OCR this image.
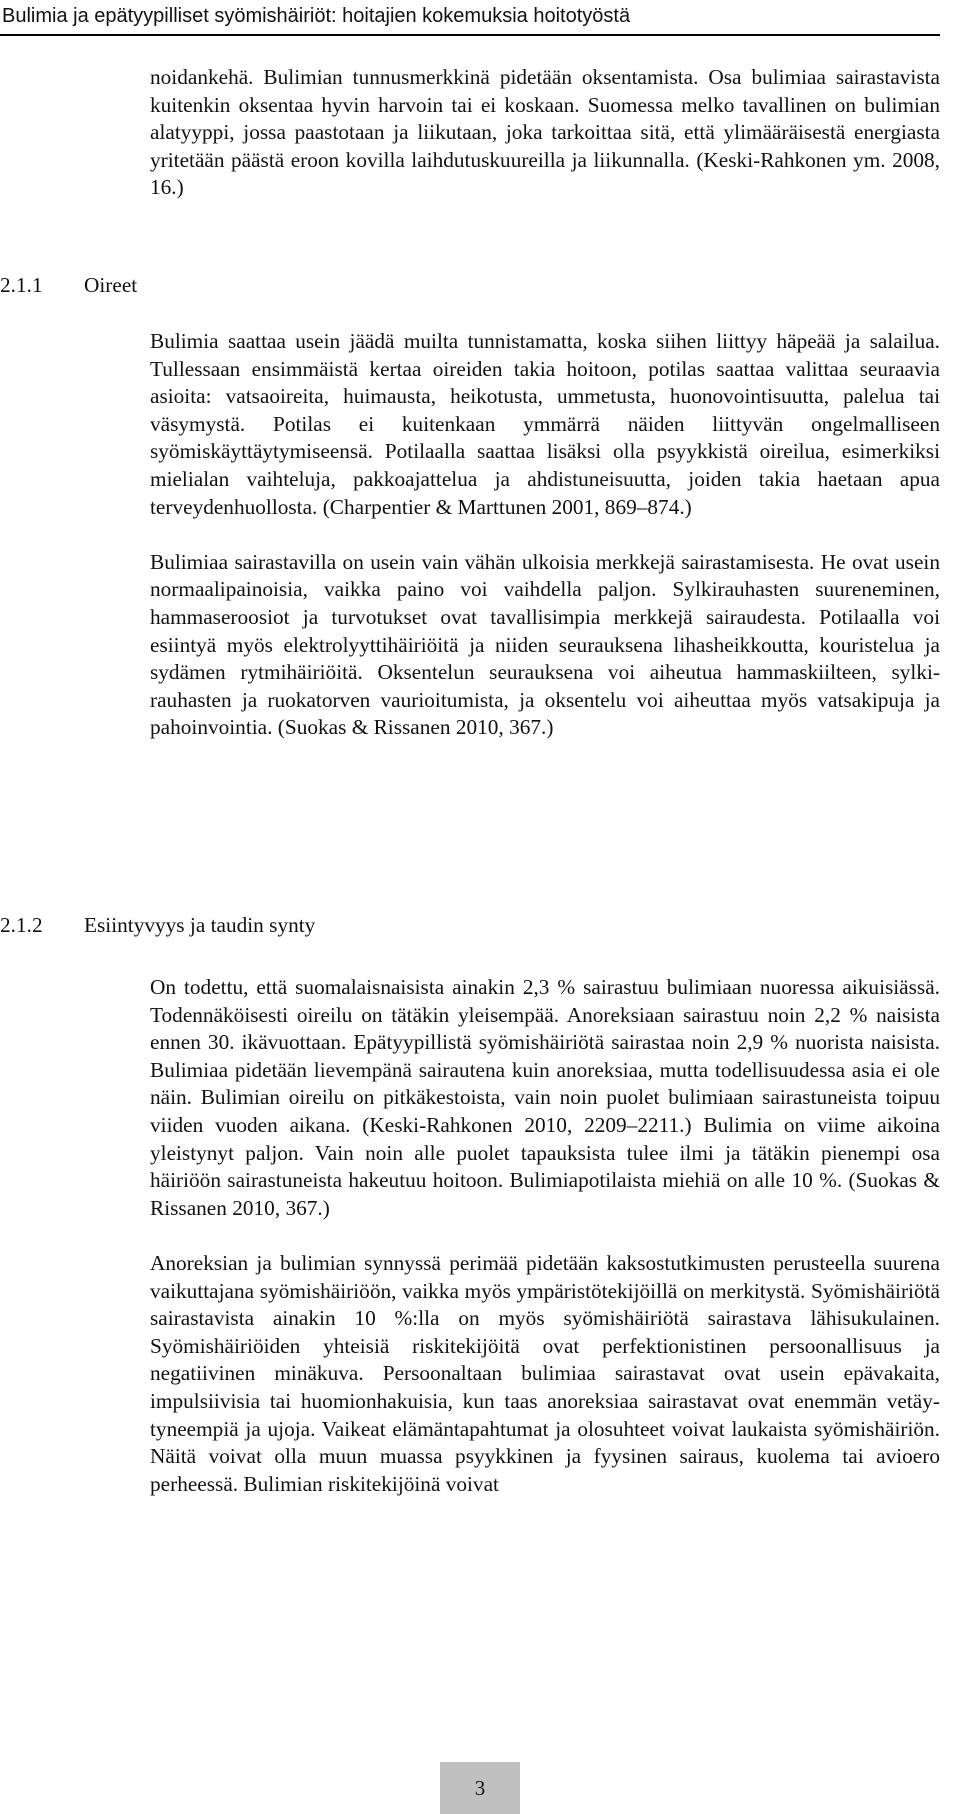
Bulimia ja epätyypilliset syömishäiriöt: hoitajien kokemuksia hoitotyöstä

noidankehä. Bulimian tunnusmerkkinä pidetään oksentamista. Osa bulimiaa sairastavista kuitenkin oksentaa hyvin harvoin tai ei koskaan. Suomessa melko tavallinen on bulimian alatyyppi, jossa paastotaan ja liikutaan, joka tarkoittaa sitä, että ylimääräisestä energiasta yritetään päästä eroon kovilla laihdutuskuureilla ja liikunnalla. (Keski-Rahkonen ym. 2008, 16.)

2.1.1 Oireet

Bulimia saattaa usein jäädä muilta tunnistamatta, koska siihen liittyy häpeää ja salailua. Tullessaan ensimmäistä kertaa oireiden takia hoitoon, potilas saattaa valittaa seuraavia asioita: vatsaoireita, huimausta, heikotusta, ummetusta, huonovointisuutta, palelua tai väsymystä. Potilas ei kuitenkaan ymmärrä näiden liittyvän ongelmalliseen syömiskäyttäytymiseensä. Potilaalla saattaa lisäksi olla psyykkistä oireilua, esimerkiksi mielialan vaihteluja, pakkoajattelua ja ahdistuneisuutta, joiden takia haetaan apua terveydenhuollosta. (Charpentier & Marttunen 2001, 869–874.)

Bulimiaa sairastavilla on usein vain vähän ulkoisia merkkejä sairastamisesta. He ovat usein normaalipainoisia, vaikka paino voi vaihdella paljon. Sylkirauhasten suureneminen, hammaseroosiot ja turvotukset ovat tavallisimpia merkkejä sairaudesta. Potilaalla voi esiintyä myös elektrolyyttihäiriöitä ja niiden seurauksena lihasheikkoutta, kouristelua ja sydämen rytmihäiriöitä. Oksentelun seurauksena voi aiheutua hammaskiilteen, sylkirauhasten ja ruokatorven vaurioitumista, ja oksentelu voi aiheuttaa myös vatsakipuja ja pahoinvointia. (Suokas & Rissanen 2010, 367.)

2.1.2 Esiintyvyys ja taudin synty

On todettu, että suomalaisnaisista ainakin 2,3 % sairastuu bulimiaan nuoressa aikuisiässä. Todennäköisesti oireilu on tätäkin yleisempää. Anoreksiaan sairastuu noin 2,2 % naisista ennen 30. ikävuottaan. Epätyypillistä syömishäiriötä sairastaa noin 2,9 % nuorista naisista. Bulimiaa pidetään lievempänä sairautena kuin anoreksiaa, mutta todellisuudessa asia ei ole näin. Bulimian oireilu on pitkäkestoista, vain noin puolet bulimiaan sairastuneista toipuu viiden vuoden aikana. (Keski-Rahkonen 2010, 2209–2211.) Bulimia on viime aikoina yleistynyt paljon. Vain noin alle puolet tapauksista tulee ilmi ja tätäkin pienempi osa häiriöön sairastuneista hakeutuu hoitoon. Bulimiapotilaista miehiä on alle 10 %. (Suokas & Rissanen 2010, 367.)

Anoreksian ja bulimian synnyssä perimää pidetään kaksostutkimusten perusteella suurena vaikuttajana syömishäiriöön, vaikka myös ympäristötekijöillä on merkitystä. Syömishäiriötä sairastavista ainakin 10 %:lla on myös syömishäiriötä sairastava lähisukulainen. Syömishäiriöiden yhteisiä riskitekijöitä ovat perfektionistinen persoonallisuus ja negatiivinen minäkuva. Persoonaltaan bulimiaa sairastavat ovat usein epävakaita, impulsiivisia tai huomionhakuisia, kun taas anoreksiaa sairastavat ovat enemmän vetäytyneempiä ja ujoja. Vaikeat elämäntapahtumat ja olosuhteet voivat laukaista syömishäiriön. Näitä voivat olla muun muassa psyykkinen ja fyysinen sairaus, kuolema tai avioero perheessä. Bulimian riskitekijöinä voivat

3
